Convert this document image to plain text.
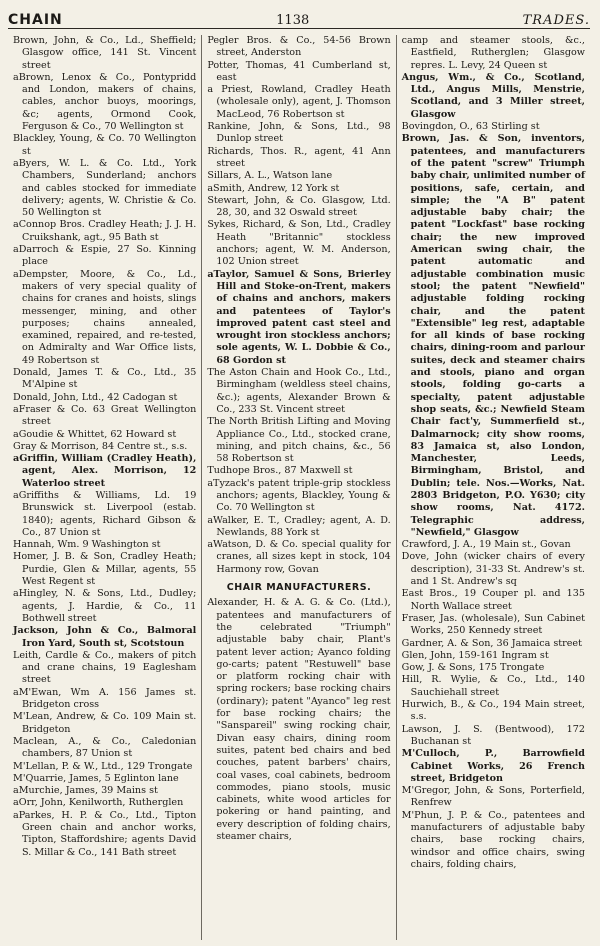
CHAIN	1138	TRADES.
Brown, John, & Co., Ld., Sheffield; Glasgow office, 141 St. Vincent street
aBrown, Lenox & Co., Pontypridd and London, makers of chains, cables, anchor buoys, moorings, &c; agents, Ormond Cook, Ferguson & Co., 70 Wellington st
Blackley, Young, & Co. 70 Wellington st
aByers, W. L. & Co. Ltd., York Chambers, Sunderland; anchors and cables stocked for immediate delivery; agents, W. Christie & Co. 50 Wellington st
aConnop Bros. Cradley Heath; J. J. H. Cruikshank, agt., 95 Bath st
aDarroch & Espie, 27 So. Kinning place
aDempster, Moore, & Co., Ld., makers of very special quality of chains for cranes and hoists, slings messenger, mining, and other purposes; chains annealed, examined, repaired, and re-tested, on Admiralty and War Office lists, 49 Robertson st
Donald, James T. & Co., Ltd., 35 M'Alpine st
Donald, John, Ltd., 42 Cadogan st
aFraser & Co. 63 Great Wellington street
aGoudie & Whittet, 62 Howard st
Gray & Morrison, 84 Centre st., s.s.
aGriffin, William (Cradley Heath), agent, Alex. Morrison, 12 Waterloo street
aGriffiths & Williams, Ld. 19 Brunswick st. Liverpool (estab. 1840); agents, Richard Gibson & Co., 87 Union st
Hannah, Wm. 9 Washington st
Homer, J. B. & Son, Cradley Heath; Purdie, Glen & Millar, agents, 55 West Regent st
aHingley, N. & Sons, Ltd., Dudley; agents, J. Hardie, & Co., 11 Bothwell street
Jackson, John & Co., Balmoral Iron Yard, South st, Scotstoun
Leith, Cardle & Co., makers of pitch and crane chains, 19 Eaglesham street
aM'Ewan, Wm A. 156 James st. Bridgeton cross
M'Lean, Andrew, & Co. 109 Main st. Bridgeton
Maclean, A., & Co., Caledonian chambers, 87 Union st
M'Lellan, P. & W., Ltd., 129 Trongate
M'Quarrie, James, 5 Eglinton lane
aMurchie, James, 39 Mains st
aOrr, John, Kenilworth, Rutherglen
aParkes, H. P. & Co., Ltd., Tipton Green chain and anchor works, Tipton, Staffordshire; agents David S. Millar & Co., 141 Bath street
Pegler Bros. & Co., 54-56 Brown street, Anderston
Potter, Thomas, 41 Cumberland st, east
a Priest, Rowland, Cradley Heath (wholesale only), agent, J. Thomson MacLeod, 76 Robertson st
Rankine, John, & Sons, Ltd., 98 Dunlop street
Richards, Thos. R., agent, 41 Ann street
Sillars, A. L., Watson lane
aSmith, Andrew, 12 York st
Stewart, John, & Co. Glasgow, Ltd. 28, 30, and 32 Oswald street
Sykes, Richard, & Son, Ltd., Cradley Heath "Britannic" stockless anchors; agent, W. M. Anderson, 102 Union street
aTaylor, Samuel & Sons, Brierley Hill and Stoke-on-Trent, makers of chains and anchors, makers and patentees of Taylor's improved patent cast steel and wrought iron stockless anchors; sole agents, W. L. Dobbie & Co., 68 Gordon st
The Aston Chain and Hook Co., Ltd., Birmingham (weldless steel chains, &c.); agents, Alexander Brown & Co., 233 St. Vincent street
The North British Lifting and Moving Appliance Co., Ltd., stocked crane, mining, and pitch chains, &c., 56 58 Robertson st
Tudhope Bros., 87 Maxwell st
aTyzack's patent triple-grip stockless anchors; agents, Blackley, Young & Co. 70 Wellington st
aWalker, E. T., Cradley; agent, A. D. Newlands, 88 York st
aWatson, D. & Co. special quality for cranes, all sizes kept in stock, 104 Harmony row, Govan
CHAIR MANUFACTURERS.
Alexander, H. & A. G. & Co. (Ltd.), patentees and manufacturers of the celebrated "Triumph" adjustable baby chair, Plant's patent lever action; Ayanco folding go-carts; patent "Restuwell" base or platform rocking chair with spring rockers; base rocking chairs (ordinary); patent "Ayanco" leg rest for base rocking chairs; the "Sanspareil" swing rocking chair, Divan easy chairs, dining room suites, patent bed chairs and bed couches, patent barbers' chairs, coal vases, coal cabinets, bedroom commodes, piano stools, music cabinets, white wood articles for pokering or hand painting, and every description of folding chairs, steamer chairs,
camp and steamer stools, &c., Eastfield, Rutherglen; Glasgow repres. L. Levy, 24 Queen st
Angus, Wm., & Co., Scotland, Ltd., Angus Mills, Menstrie, Scotland, and 3 Miller street, Glasgow
Bovingdon, O., 63 Stirling st
Brown, Jas. & Son, inventors, patentees, and manufacturers of the patent "screw" Triumph baby chair, unlimited number of positions, safe, certain, and simple; the "A B" patent adjustable baby chair; the patent "Lockfast" base rocking chair; the new improved American swing chair, the patent automatic and adjustable combination music stool; the patent "Newfield" adjustable folding rocking chair, and the patent "Extensible" leg rest, adaptable for all kinds of base rocking chairs, dining-room and parlour suites, deck and steamer chairs and stools, piano and organ stools, folding go-carts a specialty, patent adjustable shop seats, &c.; Newfield Steam Chair fact'y, Summerfield st., Dalmarnock; city show rooms, 83 Jamaica st, also London, Manchester, Leeds, Birmingham, Bristol, and Dublin; tele. Nos.—Works, Nat. 2803 Bridgeton, P.O. Y630; city show rooms, Nat. 4172. Telegraphic address, "Newfield," Glasgow
Crawford, J. A., 19 Main st., Govan
Dove, John (wicker chairs of every description), 31-33 St. Andrew's st. and 1 St. Andrew's sq
East Bros., 19 Couper pl. and 135 North Wallace street
Fraser, Jas. (wholesale), Sun Cabinet Works, 250 Kennedy street
Gardner, A. & Son, 36 Jamaica street
Glen, John, 159-161 Ingram st
Gow, J. & Sons, 175 Trongate
Hill, R. Wylie, & Co., Ltd., 140 Sauchiehall street
Hurwich, B., & Co., 194 Main street, s.s.
Lawson, J. S. (Bentwood), 172 Buchanan st
M'Culloch, P., Barrowfield Cabinet Works, 26 French street, Bridgeton
M'Gregor, John, & Sons, Porterfield, Renfrew
M'Phun, J. P. & Co., patentees and manufacturers of adjustable baby chairs, base rocking chairs, windsor and office chairs, swing chairs, folding chairs,
